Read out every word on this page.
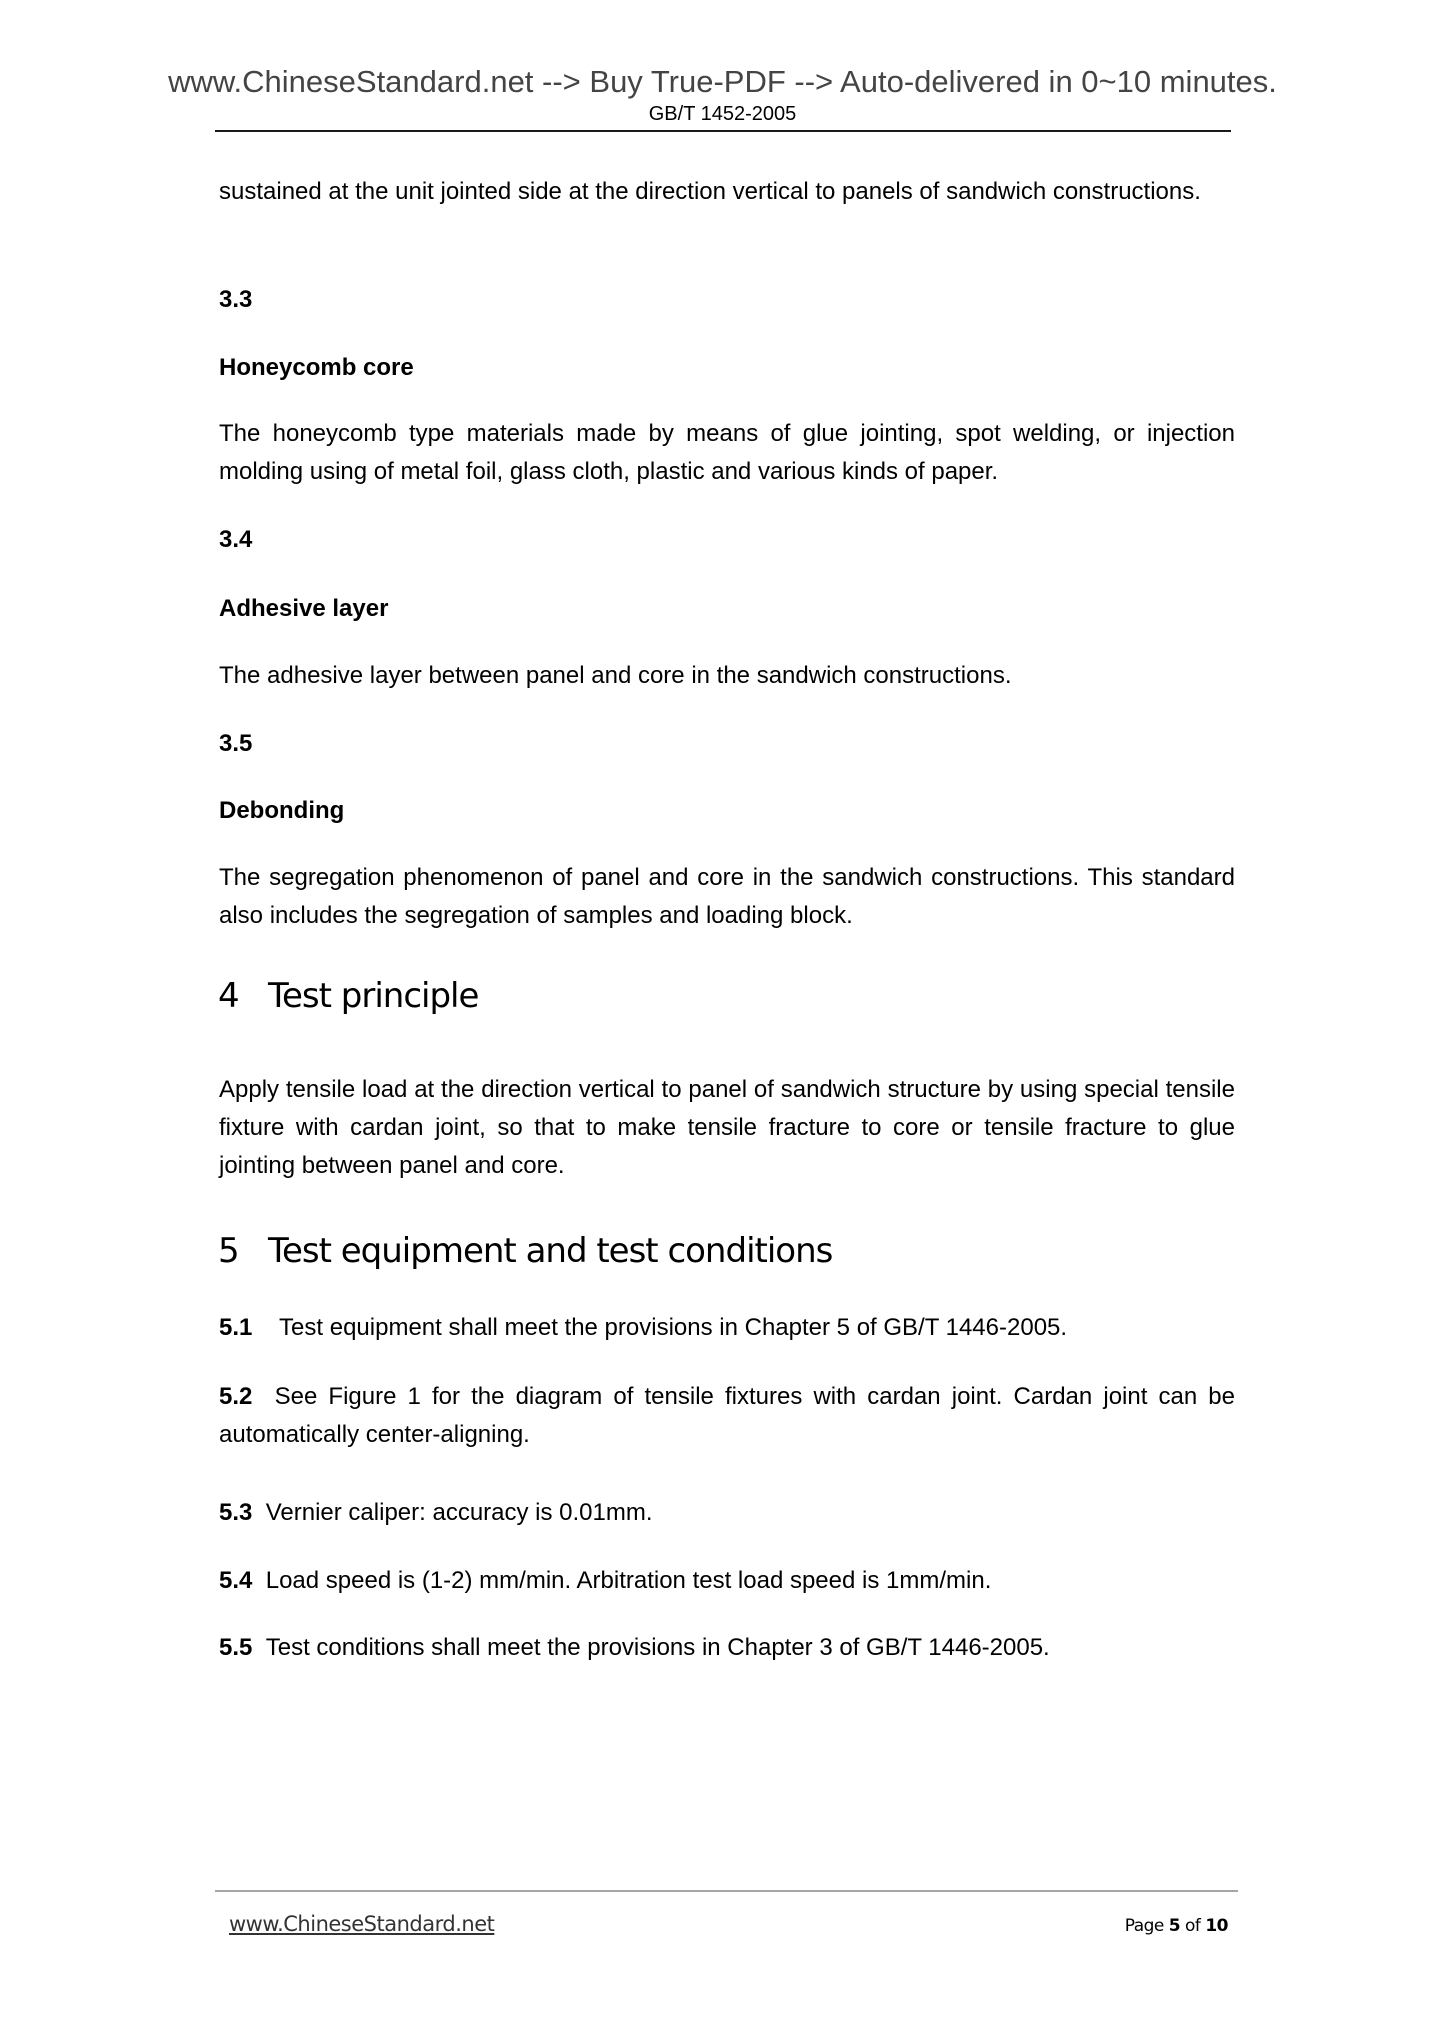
www.ChineseStandard.net --> Buy True-PDF --> Auto-delivered in 0~10 minutes.
GB/T 1452-2005
sustained at the unit jointed side at the direction vertical to panels of sandwich constructions.
3.3
Honeycomb core
The honeycomb type materials made by means of glue jointing, spot welding, or injection molding using of metal foil, glass cloth, plastic and various kinds of paper.
3.4
Adhesive layer
The adhesive layer between panel and core in the sandwich constructions.
3.5
Debonding
The segregation phenomenon of panel and core in the sandwich constructions. This standard also includes the segregation of samples and loading block.
4 Test principle
Apply tensile load at the direction vertical to panel of sandwich structure by using special tensile fixture with cardan joint, so that to make tensile fracture to core or tensile fracture to glue jointing between panel and core.
5 Test equipment and test conditions
5.1 Test equipment shall meet the provisions in Chapter 5 of GB/T 1446-2005.
5.2 See Figure 1 for the diagram of tensile fixtures with cardan joint. Cardan joint can be automatically center-aligning.
5.3 Vernier caliper: accuracy is 0.01mm.
5.4 Load speed is (1-2) mm/min. Arbitration test load speed is 1mm/min.
5.5 Test conditions shall meet the provisions in Chapter 3 of GB/T 1446-2005.
www.ChineseStandard.net	Page 5 of 10
